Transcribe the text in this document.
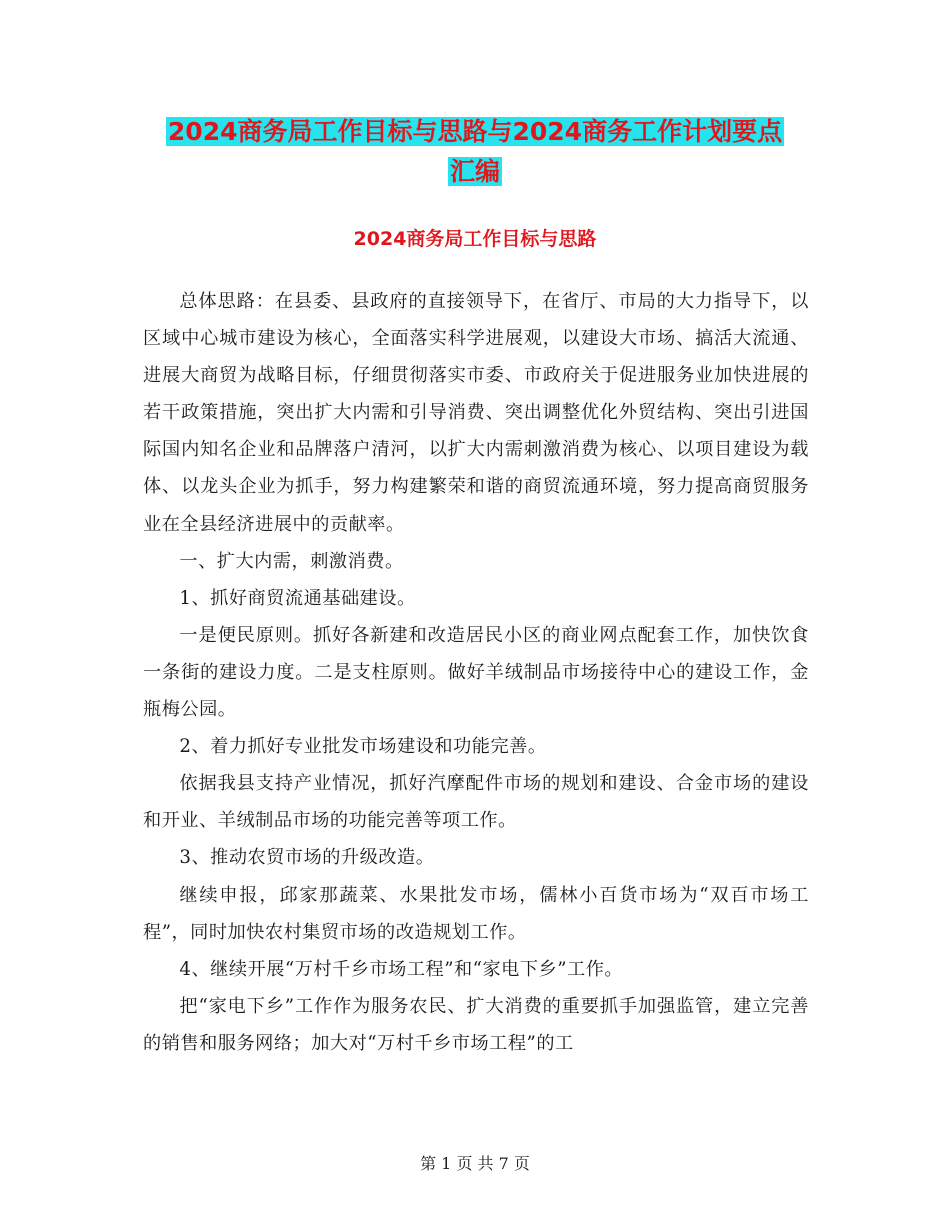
2024商务局工作目标与思路与2024商务工作计划要点
汇编
2024商务局工作目标与思路

总体思路：在县委、县政府的直接领导下，在省厅、市局的大力指导下，以区域中心城市建设为核心，全面落实科学进展观，以建设大市场、搞活大流通、进展大商贸为战略目标，仔细贯彻落实市委、市政府关于促进服务业加快进展的若干政策措施，突出扩大内需和引导消费、突出调整优化外贸结构、突出引进国际国内知名企业和品牌落户清河，以扩大内需刺激消费为核心、以项目建设为载体、以龙头企业为抓手，努力构建繁荣和谐的商贸流通环境，努力提高商贸服务业在全县经济进展中的贡献率。

一、扩大内需，刺激消费。

1、抓好商贸流通基础建设。

一是便民原则。抓好各新建和改造居民小区的商业网点配套工作，加快饮食一条街的建设力度。二是支柱原则。做好羊绒制品市场接待中心的建设工作，金瓶梅公园。

2、着力抓好专业批发市场建设和功能完善。

依据我县支持产业情况，抓好汽摩配件市场的规划和建设、合金市场的建设和开业、羊绒制品市场的功能完善等项工作。

3、推动农贸市场的升级改造。

继续申报，邱家那蔬菜、水果批发市场，儒林小百货市场为“双百市场工程”，同时加快农村集贸市场的改造规划工作。

4、继续开展“万村千乡市场工程”和“家电下乡”工作。

把“家电下乡”工作作为服务农民、扩大消费的重要抓手加强监管，建立完善的销售和服务网络；加大对“万村千乡市场工程”的工

第 1 页 共 7 页
